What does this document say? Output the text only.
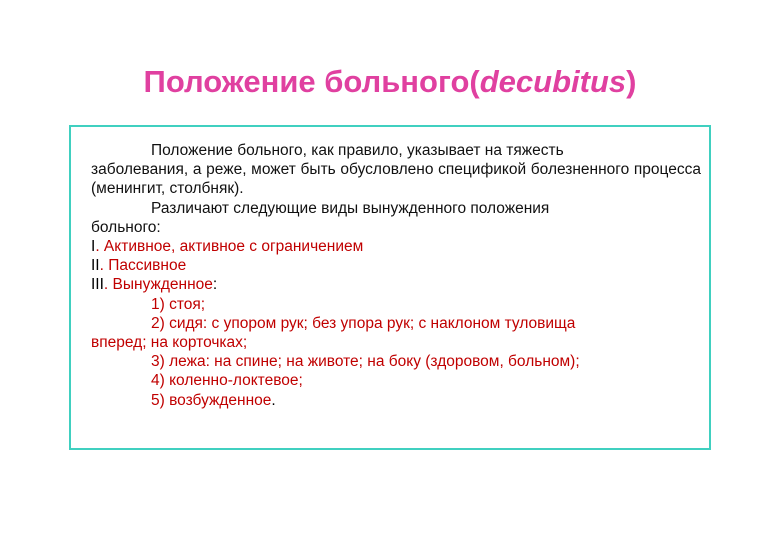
Положение больного(decubitus)

Положение больного, как правило, указывает на тяжесть

заболевания, а реже, может быть обусловлено спецификой болезненного процесса (менингит, столбняк).

Различают следующие виды вынужденного положения

больного:

I. Активное, активное с ограничением

II. Пассивное

III. Вынужденное:

1) стоя;

2) сидя: с упором рук; без упора рук; с наклоном туловища

вперед; на корточках;

3) лежа: на спине; на животе; на боку (здоровом, больном);

4) коленно-локтевое;

5) возбужденное.
